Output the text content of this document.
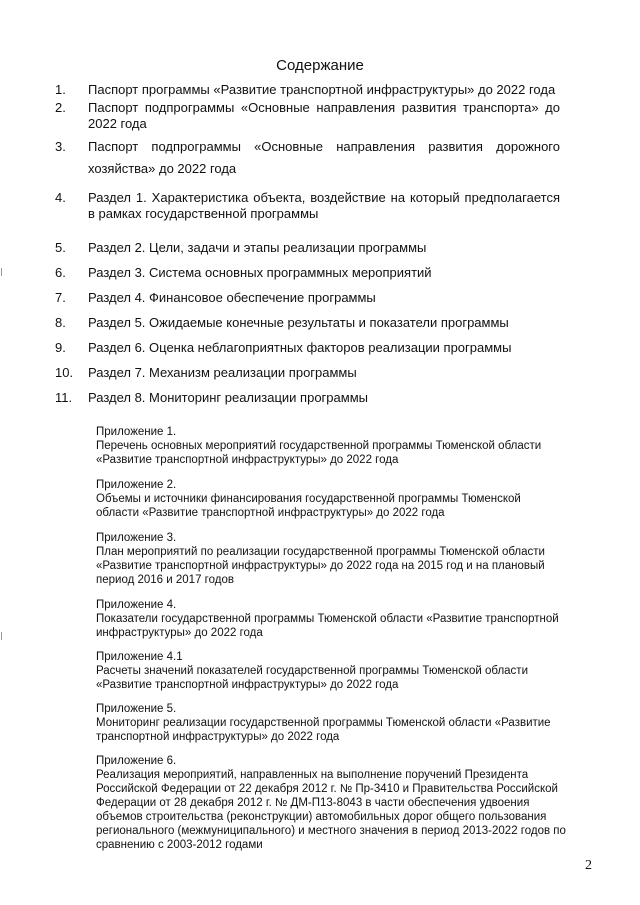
Содержание
1.	Паспорт программы «Развитие транспортной инфраструктуры» до 2022 года
2.	Паспорт подпрограммы «Основные направления развития транспорта» до 2022 года
3.	Паспорт подпрограммы «Основные направления развития дорожного хозяйства» до 2022 года
4.	Раздел 1. Характеристика объекта, воздействие на который предполагается в рамках государственной программы
5.	Раздел 2. Цели, задачи и этапы реализации программы
6.	Раздел 3. Система основных программных мероприятий
7.	Раздел 4. Финансовое обеспечение программы
8.	Раздел 5. Ожидаемые конечные результаты и показатели программы
9.	Раздел 6. Оценка неблагоприятных факторов реализации программы
10.	Раздел 7. Механизм реализации программы
11.	Раздел 8. Мониторинг реализации программы
Приложение 1.
Перечень основных мероприятий государственной программы Тюменской области «Развитие транспортной инфраструктуры» до 2022 года
Приложение 2.
Объемы и источники финансирования государственной программы Тюменской области «Развитие транспортной инфраструктуры» до 2022 года
Приложение 3.
План мероприятий по реализации государственной программы Тюменской области «Развитие транспортной инфраструктуры» до 2022 года на 2015 год и на плановый период 2016 и 2017 годов
Приложение 4.
Показатели государственной программы Тюменской области «Развитие транспортной инфраструктуры» до 2022 года
Приложение 4.1
Расчеты значений показателей государственной программы Тюменской области «Развитие транспортной инфраструктуры» до 2022 года
Приложение 5.
Мониторинг реализации государственной программы Тюменской области «Развитие транспортной инфраструктуры» до 2022 года
Приложение 6.
Реализация мероприятий, направленных на выполнение поручений Президента Российской Федерации от 22 декабря 2012 г. № Пр-3410 и Правительства Российской Федерации от 28 декабря 2012 г. № ДМ-П13-8043 в части обеспечения удвоения объемов строительства (реконструкции) автомобильных дорог общего пользования регионального (межмуниципального) и местного значения в период 2013-2022 годов по сравнению с 2003-2012 годами
2
